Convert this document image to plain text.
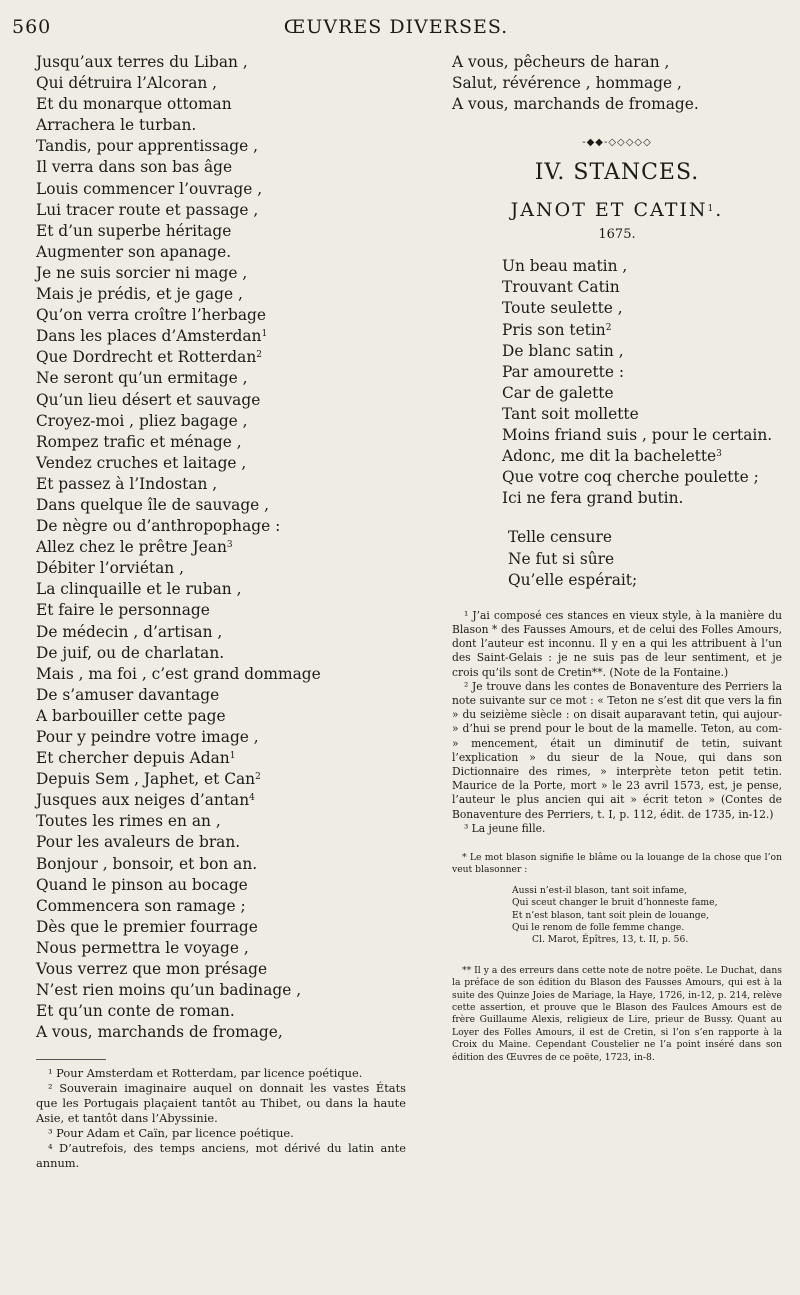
560	ŒUVRES DIVERSES.
Jusqu’aux terres du Liban ,
Qui détruira l’Alcoran ,
Et du monarque ottoman
Arrachera le turban.
Tandis, pour apprentissage ,
Il verra dans son bas âge
Louis commencer l’ouvrage ,
Lui tracer route et passage ,
Et d’un superbe héritage
Augmenter son apanage.
Je ne suis sorcier ni mage ,
Mais je prédis, et je gage ,
Qu’on verra croître l’herbage
Dans les places d’Amsterdan$^1$
Que Dordrecht et Rotterdan$^2$
Ne seront qu’un ermitage ,
Qu’un lieu désert et sauvage
Croyez-moi , pliez bagage ,
Rompez trafic et ménage ,
Vendez cruches et laitage ,
Et passez à l’Indostan ,
Dans quelque île de sauvage ,
De nègre ou d’anthropophage :
Allez chez le prêtre Jean$^3$
Débiter l’orviétan ,
La clinquaille et le ruban ,
Et faire le personnage
De médecin , d’artisan ,
De juif, ou de charlatan.
Mais , ma foi , c’est grand dommage
De s’amuser davantage
A barbouiller cette page
Pour y peindre votre image ,
Et chercher depuis Adan$^1$
Depuis Sem , Japhet, et Can$^2$
Jusques aux neiges d’antan$^4$
Toutes les rimes en an ,
Pour les avaleurs de bran.
Bonjour , bonsoir, et bon an.
Quand le pinson au bocage
Commencera son ramage ;
Dès que le premier fourrage
Nous permettra le voyage ,
Vous verrez que mon présage
N’est rien moins qu’un badinage ,
Et qu’un conte de roman.
A vous, marchands de fromage,

¹ Pour Amsterdam et Rotterdam, par licence poétique.

² Souverain imaginaire auquel on donnait les vastes États que les Portugais plaçaient tantôt au Thibet, ou dans la haute Asie, et tantôt dans l’Abyssinie.

³ Pour Adam et Caïn, par licence poétique.

⁴ D’autrefois, des temps anciens, mot dérivé du latin ante annum.

A vous, pêcheurs de haran ,
Salut, révérence , hommage ,
A vous, marchands de fromage.
-◆◆-◇◇◇◇◇
IV. STANCES.
JANOT ET CATIN$^1$.
1675.
Un beau matin ,
Trouvant Catin
Toute seulette ,
Pris son tetin$^2$
De blanc satin ,
Par amourette :
Car de galette
Tant soit mollette
Moins friand suis , pour le certain.
Adonc, me dit la bachelette$^3$
Que votre coq cherche poulette ;
Ici ne fera grand butin.
Telle censure
Ne fut si sûre
Qu’elle espérait;

¹ J’ai composé ces stances en vieux style, à la manière du Blason * des Fausses Amours, et de celui des Folles Amours, dont l’auteur est inconnu. Il y en a qui les attribuent à l’un des Saint-Gelais : je ne suis pas de leur sentiment, et je crois qu’ils sont de Cretin**. (Note de la Fontaine.)

² Je trouve dans les contes de Bonaventure des Perriers la note suivante sur ce mot : « Teton ne s’est dit que vers la fin » du seizième siècle : on disait auparavant tetin, qui aujour- » d’hui se prend pour le bout de la mamelle. Teton, au com- » mencement, était un diminutif de tetin, suivant l’explication » du sieur de la Noue, qui dans son Dictionnaire des rimes, » interprète teton petit tetin. Maurice de la Porte, mort » le 23 avril 1573, est, je pense, l’auteur le plus ancien qui ait » écrit teton » (Contes de Bonaventure des Perriers, t. I, p. 112, édit. de 1735, in-12.)

³ La jeune fille.

* Le mot blason signifie le blâme ou la louange de la chose que l’on veut blasonner :

Aussi n’est-il blason, tant soit infame,
Qui sceut changer le bruit d’honneste fame,
Et n’est blason, tant soit plein de louange,
Qui le renom de folle femme change.
Cl. Marot, Épîtres, 13, t. II, p. 56.

** Il y a des erreurs dans cette note de notre poëte. Le Duchat, dans la préface de son édition du Blason des Fausses Amours, qui est à la suite des Quinze Joies de Mariage, la Haye, 1726, in-12, p. 214, relève cette assertion, et prouve que le Blason des Faulces Amours est de frère Guillaume Alexis, religieux de Lire, prieur de Bussy. Quant au Loyer des Folles Amours, il est de Cretin, si l’on s’en rapporte à la Croix du Maine. Cependant Coustelier ne l’a point inséré dans son édition des Œuvres de ce poëte, 1723, in-8.
